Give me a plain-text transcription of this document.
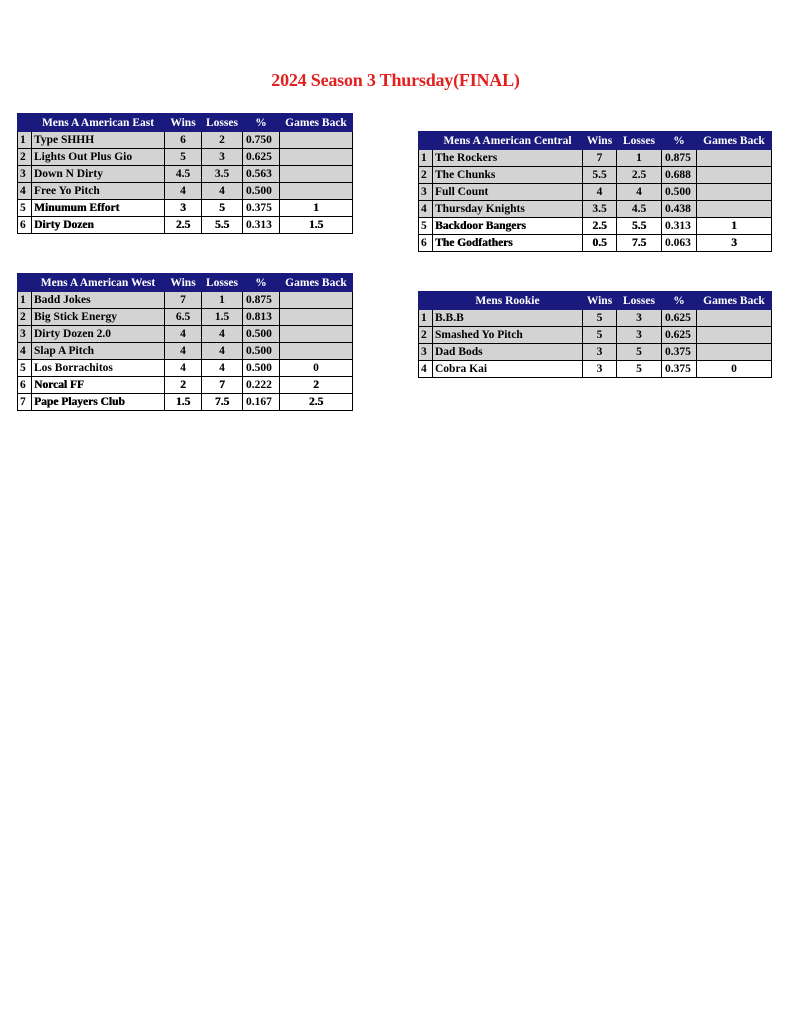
2024 Season 3 Thursday(FINAL)
	Mens A American East	Wins	Losses	%	Games Back
1	Type SHHH	6	2	0.750	
2	Lights Out Plus Gio	5	3	0.625	
3	Down N Dirty	4.5	3.5	0.563	
4	Free Yo Pitch	4	4	0.500	
5	Minumum Effort	3	5	0.375	1
6	Dirty Dozen	2.5	5.5	0.313	1.5
	Mens A American West	Wins	Losses	%	Games Back
1	Badd Jokes	7	1	0.875	
2	Big Stick Energy	6.5	1.5	0.813	
3	Dirty Dozen 2.0	4	4	0.500	
4	Slap A Pitch	4	4	0.500	
5	Los Borrachitos	4	4	0.500	0
6	Norcal FF	2	7	0.222	2
7	Pape Players Club	1.5	7.5	0.167	2.5
	Mens A American Central	Wins	Losses	%	Games Back
1	The Rockers	7	1	0.875	
2	The Chunks	5.5	2.5	0.688	
3	Full Count	4	4	0.500	
4	Thursday Knights	3.5	4.5	0.438	
5	Backdoor Bangers	2.5	5.5	0.313	1
6	The Godfathers	0.5	7.5	0.063	3
	Mens Rookie	Wins	Losses	%	Games Back
1	B.B.B	5	3	0.625	
2	Smashed Yo Pitch	5	3	0.625	
3	Dad Bods	3	5	0.375	
4	Cobra Kai	3	5	0.375	0
